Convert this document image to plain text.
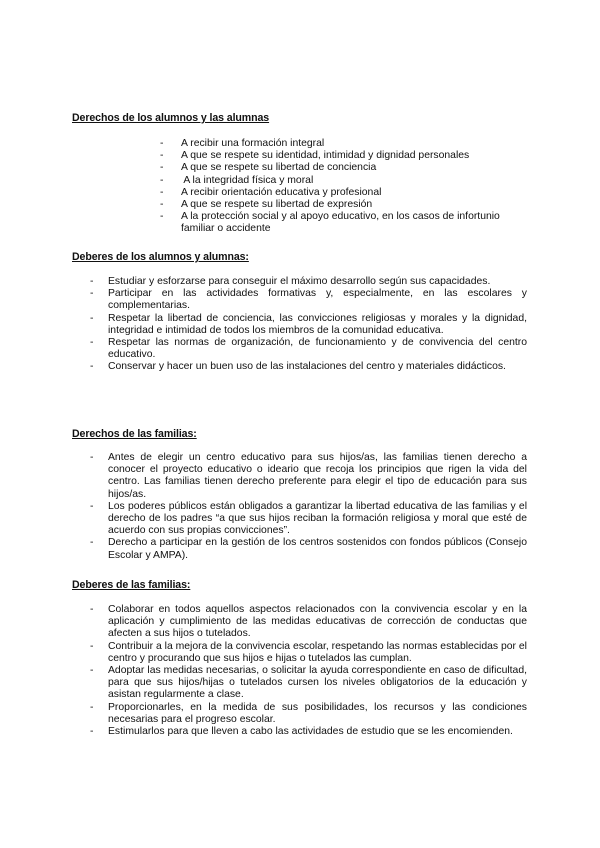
Derechos de los alumnos y las alumnas
- A recibir una formación integral
- A que se respete su identidad, intimidad y dignidad personales
- A que se respete su libertad de conciencia
- A la integridad física y moral
- A recibir orientación educativa y profesional
- A que se respete su libertad de expresión
- A la protección social y al apoyo educativo, en los casos de infortunio familiar o accidente
Deberes de los alumnos y alumnas:
- Estudiar y esforzarse para conseguir el máximo desarrollo según sus capacidades.
- Participar en las actividades formativas y, especialmente, en las escolares y complementarias.
- Respetar la libertad de conciencia, las convicciones religiosas y morales y la dignidad, integridad e intimidad de todos los miembros de la comunidad educativa.
- Respetar las normas de organización, de funcionamiento y de convivencia del centro educativo.
- Conservar y hacer un buen uso de las instalaciones del centro y materiales didácticos.
Derechos de las familias:
- Antes de elegir un centro educativo para sus hijos/as, las familias tienen derecho a conocer el proyecto educativo o ideario que recoja los principios que rigen la vida del centro. Las familias tienen derecho preferente para elegir el tipo de educación para sus hijos/as.
- Los poderes públicos están obligados a garantizar la libertad educativa de las familias y el derecho de los padres “a que sus hijos reciban la formación religiosa y moral que esté de acuerdo con sus propias convicciones”.
- Derecho a participar en la gestión de los centros sostenidos con fondos públicos (Consejo Escolar y AMPA).
Deberes de las familias:
- Colaborar en todos aquellos aspectos relacionados con la convivencia escolar y en la aplicación y cumplimiento de las medidas educativas de corrección de conductas que afecten a sus hijos o tutelados.
- Contribuir a la mejora de la convivencia escolar, respetando las normas establecidas por el centro y procurando que sus hijos e hijas o tutelados las cumplan.
- Adoptar las medidas necesarias, o solicitar la ayuda correspondiente en caso de dificultad, para que sus hijos/hijas o tutelados cursen los niveles obligatorios de la educación y asistan regularmente a clase.
- Proporcionarles, en la medida de sus posibilidades, los recursos y las condiciones necesarias para el progreso escolar.
- Estimularlos para que lleven a cabo las actividades de estudio que se les encomienden.
